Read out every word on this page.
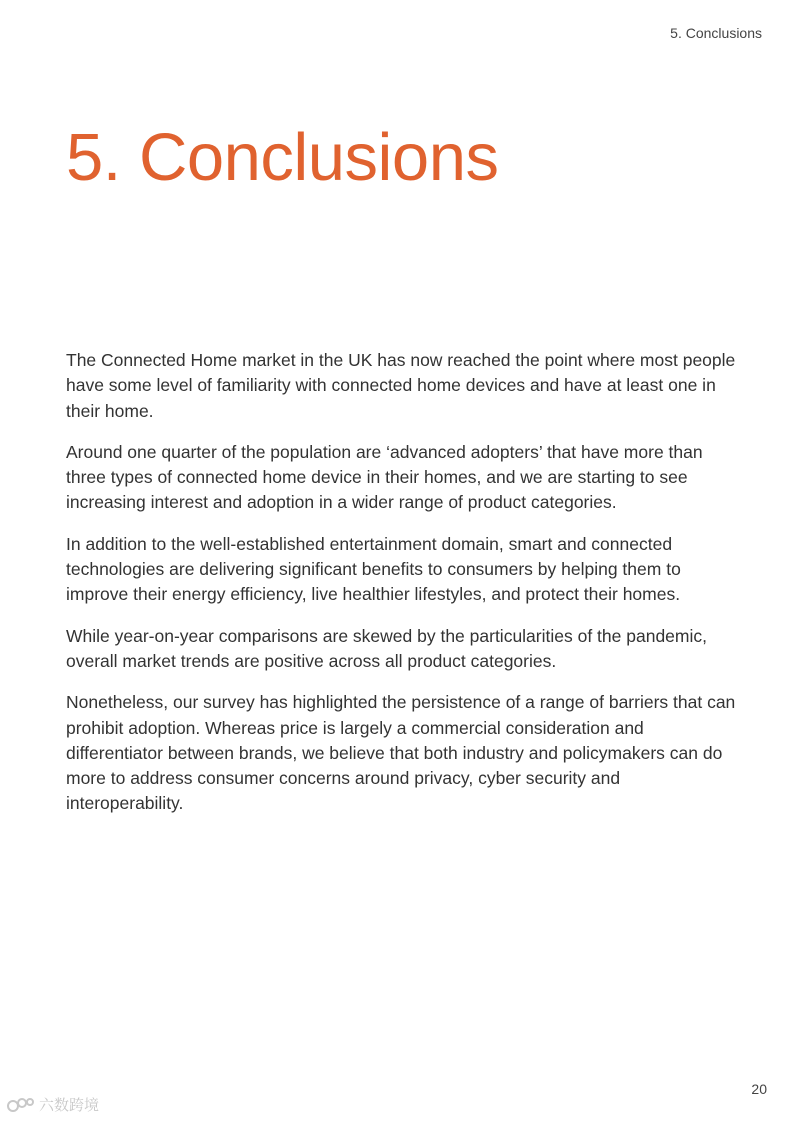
5. Conclusions
5. Conclusions

The Connected Home market in the UK has now reached the point where most people have some level of familiarity with connected home devices and have at least one in their home.

Around one quarter of the population are ‘advanced adopters’ that have more than three types of connected home device in their homes, and we are starting to see increasing interest and adoption in a wider range of product categories.

In addition to the well-established entertainment domain, smart and connected technologies are delivering significant benefits to consumers by helping them to improve their energy efficiency, live healthier lifestyles, and protect their homes.

While year-on-year comparisons are skewed by the particularities of the pandemic, overall market trends are positive across all product categories.

Nonetheless, our survey has highlighted the persistence of a range of barriers that can prohibit adoption. Whereas price is largely a commercial consideration and differentiator between brands, we believe that both industry and policymakers can do more to address consumer concerns around privacy, cyber security and interoperability.

20
六数跨境
